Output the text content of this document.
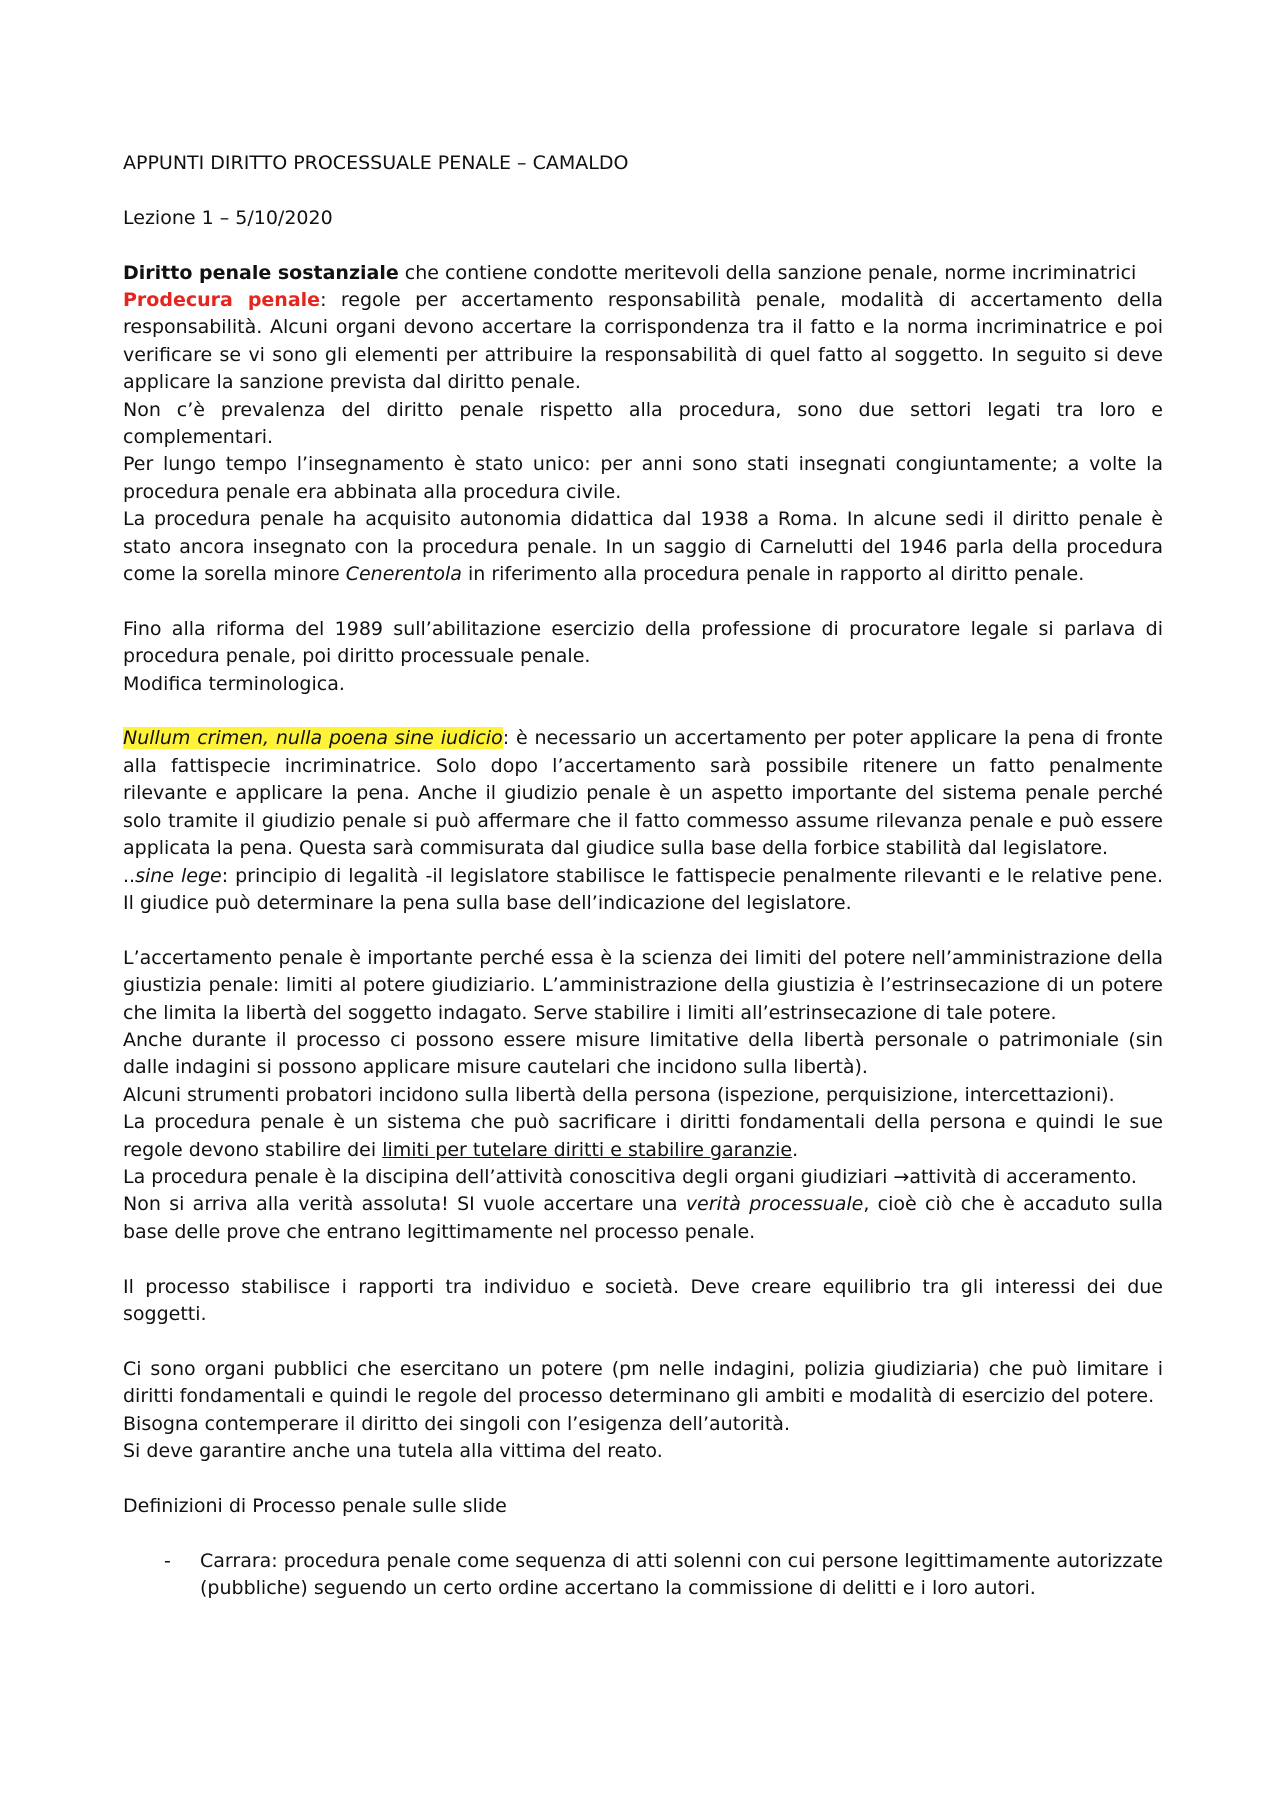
APPUNTI DIRITTO PROCESSUALE PENALE – CAMALDO

Lezione 1 – 5/10/2020

Diritto penale sostanziale che contiene condotte meritevoli della sanzione penale, norme incriminatrici

Prodecura penale: regole per accertamento responsabilità penale, modalità di accertamento della responsabilità. Alcuni organi devono accertare la corrispondenza tra il fatto e la norma incriminatrice e poi verificare se vi sono gli elementi per attribuire la responsabilità di quel fatto al soggetto. In seguito si deve applicare la sanzione prevista dal diritto penale.

Non c’è prevalenza del diritto penale rispetto alla procedura, sono due settori legati tra loro e complementari.

Per lungo tempo l’insegnamento è stato unico: per anni sono stati insegnati congiuntamente; a volte la procedura penale era abbinata alla procedura civile.

La procedura penale ha acquisito autonomia didattica dal 1938 a Roma. In alcune sedi il diritto penale è stato ancora insegnato con la procedura penale. In un saggio di Carnelutti del 1946 parla della procedura come la sorella minore Cenerentola in riferimento alla procedura penale in rapporto al diritto penale.

Fino alla riforma del 1989 sull’abilitazione esercizio della professione di procuratore legale si parlava di procedura penale, poi diritto processuale penale.

Modifica terminologica.

Nullum crimen, nulla poena sine iudicio: è necessario un accertamento per poter applicare la pena di fronte alla fattispecie incriminatrice. Solo dopo l’accertamento sarà possibile ritenere un fatto penalmente rilevante e applicare la pena. Anche il giudizio penale è un aspetto importante del sistema penale perché solo tramite il giudizio penale si può affermare che il fatto commesso assume rilevanza penale e può essere applicata la pena. Questa sarà commisurata dal giudice sulla base della forbice stabilità dal legislatore.

..sine lege: principio di legalità -il legislatore stabilisce le fattispecie penalmente rilevanti e le relative pene. Il giudice può determinare la pena sulla base dell’indicazione del legislatore.

L’accertamento penale è importante perché essa è la scienza dei limiti del potere nell’amministrazione della giustizia penale: limiti al potere giudiziario. L’amministrazione della giustizia è l’estrinsecazione di un potere che limita la libertà del soggetto indagato. Serve stabilire i limiti all’estrinsecazione di tale potere.

Anche durante il processo ci possono essere misure limitative della libertà personale o patrimoniale (sin dalle indagini si possono applicare misure cautelari che incidono sulla libertà).

Alcuni strumenti probatori incidono sulla libertà della persona (ispezione, perquisizione, intercettazioni).

La procedura penale è un sistema che può sacrificare i diritti fondamentali della persona e quindi le sue regole devono stabilire dei limiti per tutelare diritti e stabilire garanzie.

La procedura penale è la discipina dell’attività conoscitiva degli organi giudiziari →attività di acceramento.

Non si arriva alla verità assoluta! SI vuole accertare una verità processuale, cioè ciò che è accaduto sulla base delle prove che entrano legittimamente nel processo penale.

Il processo stabilisce i rapporti tra individuo e società. Deve creare equilibrio tra gli interessi dei due soggetti.

Ci sono organi pubblici che esercitano un potere (pm nelle indagini, polizia giudiziaria) che può limitare i diritti fondamentali e quindi le regole del processo determinano gli ambiti e modalità di esercizio del potere.

Bisogna contemperare il diritto dei singoli con l’esigenza dell’autorità.

Si deve garantire anche una tutela alla vittima del reato.

Definizioni di Processo penale sulle slide

- Carrara: procedura penale come sequenza di atti solenni con cui persone legittimamente autorizzate (pubbliche) seguendo un certo ordine accertano la commissione di delitti e i loro autori.
